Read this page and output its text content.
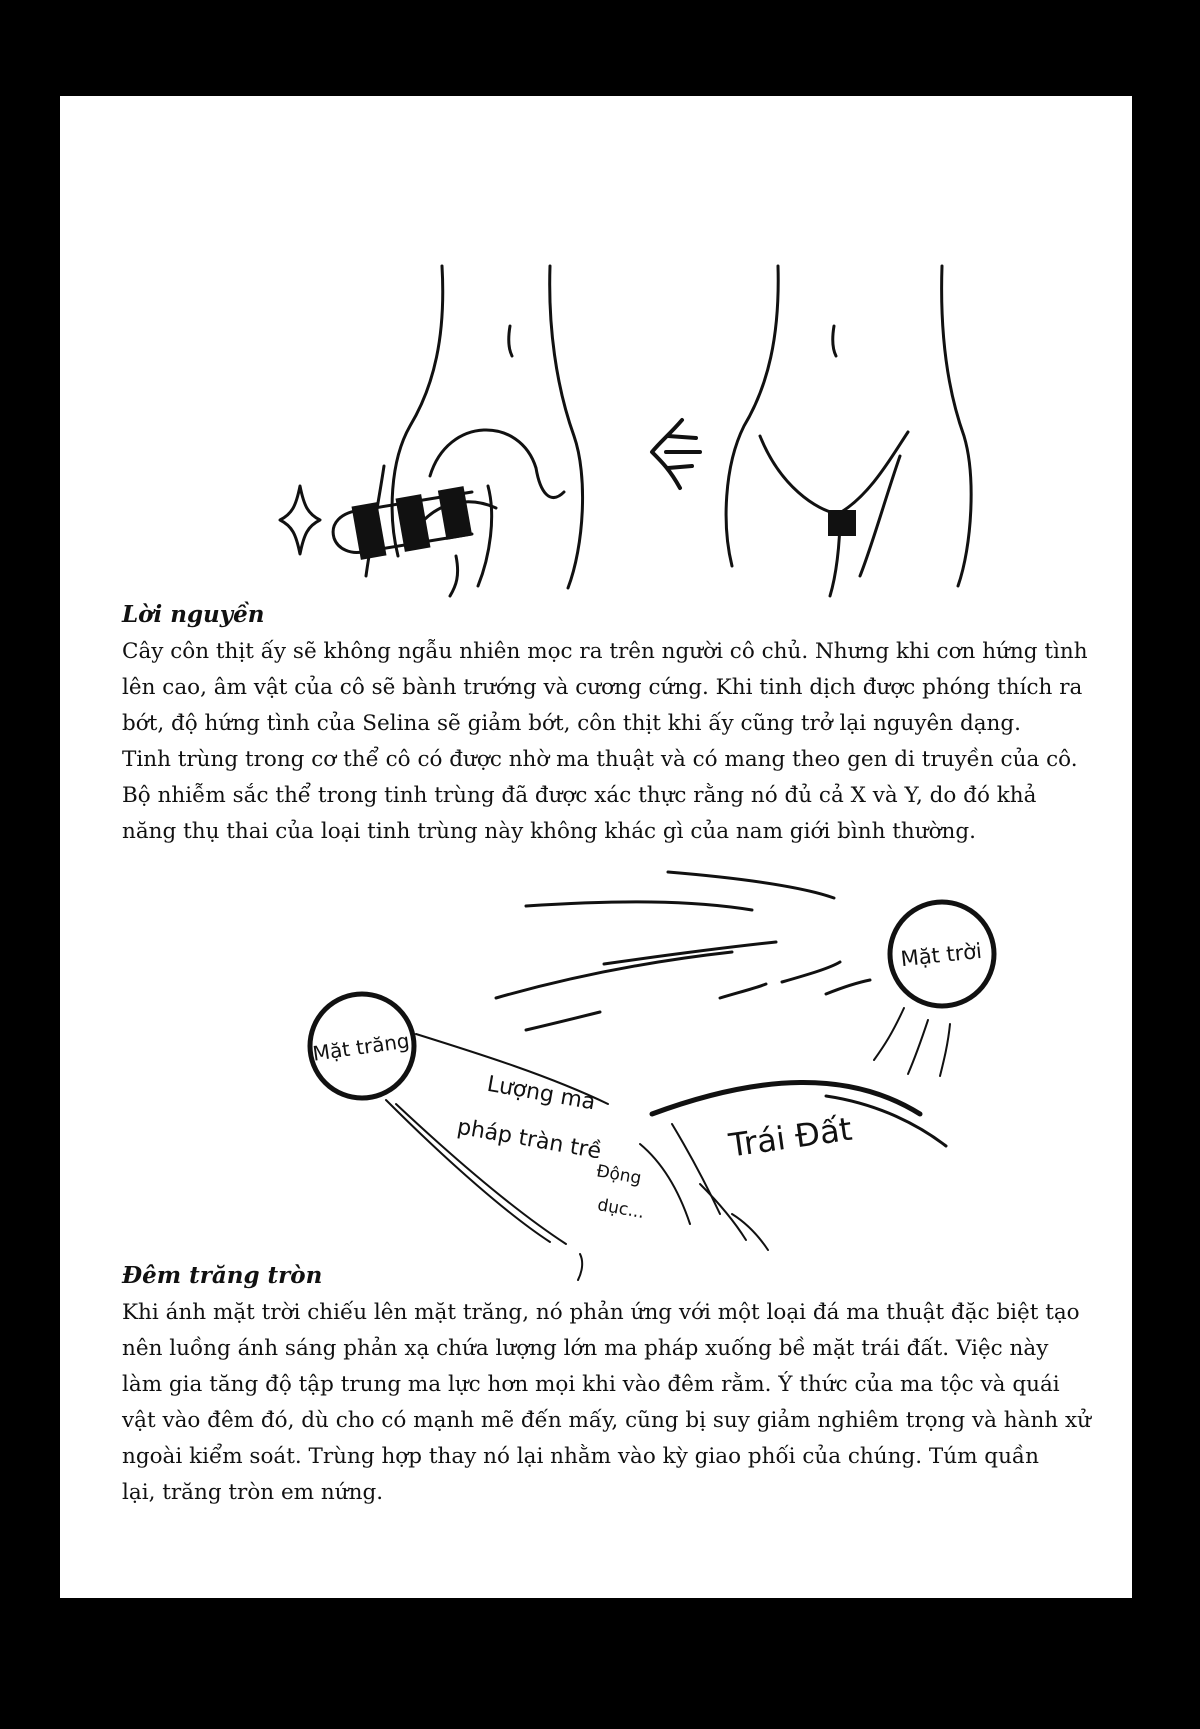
Lời nguyền

Cây côn thịt ấy sẽ không ngẫu nhiên mọc ra trên người cô chủ. Nhưng khi cơn hứng tình
lên cao, âm vật của cô sẽ bành trướng và cương cứng. Khi tinh dịch được phóng thích ra
bớt, độ hứng tình của Selina sẽ giảm bớt, côn thịt khi ấy cũng trở lại nguyên dạng.
Tinh trùng trong cơ thể cô có được nhờ ma thuật và có mang theo gen di truyền của cô.
Bộ nhiễm sắc thể trong tinh trùng đã được xác thực rằng nó đủ cả X và Y, do đó khả
năng thụ thai của loại tinh trùng này không khác gì của nam giới bình thường.

Mặt trời
Mặt trăng
Trái Đất
Lượng ma
pháp tràn trề
Động
dục...
Đêm trăng tròn

Khi ánh mặt trời chiếu lên mặt trăng, nó phản ứng với một loại đá ma thuật đặc biệt tạo
nên luồng ánh sáng phản xạ chứa lượng lớn ma pháp xuống bề mặt trái đất. Việc này
làm gia tăng độ tập trung ma lực hơn mọi khi vào đêm rằm. Ý thức của ma tộc và quái
vật vào đêm đó, dù cho có mạnh mẽ đến mấy, cũng bị suy giảm nghiêm trọng và hành xử
ngoài kiểm soát. Trùng hợp thay nó lại nhằm vào kỳ giao phối của chúng. Túm quần
lại, trăng tròn em nứng.
